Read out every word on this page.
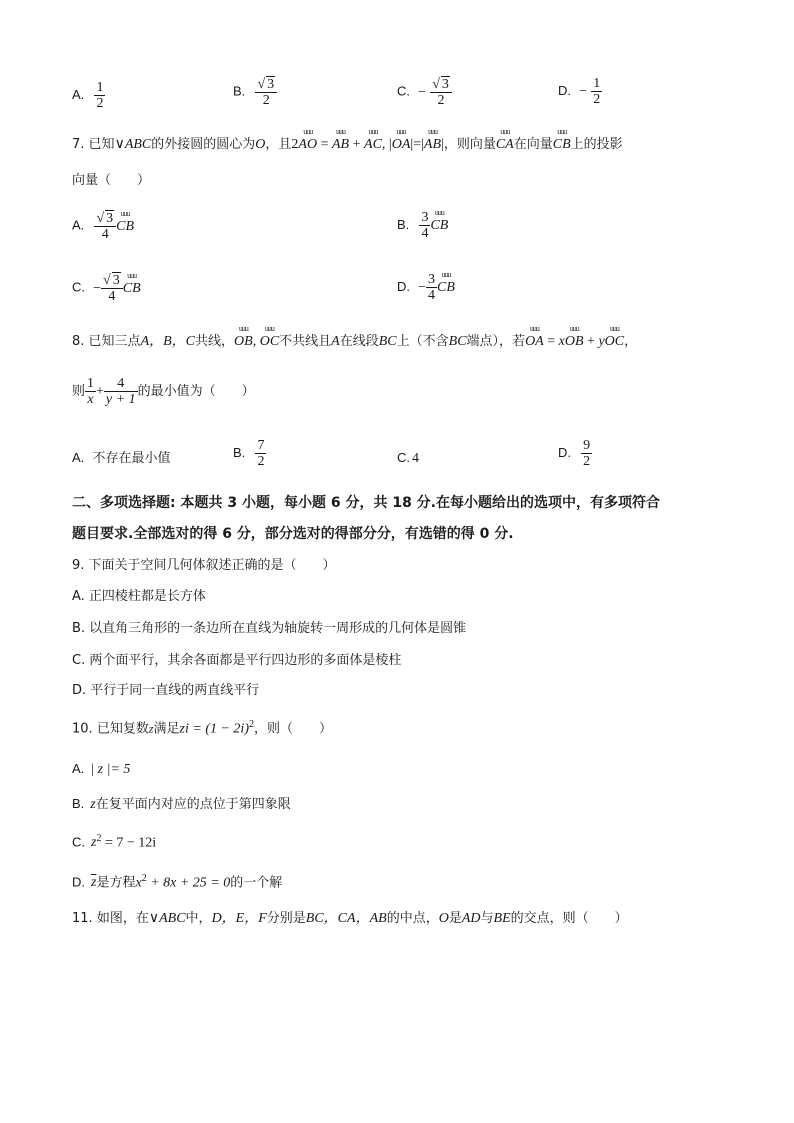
A. $\frac{1}{2}$	B. $\frac{√ 3}{2}$	C. − $\frac{√ 3}{2}$	D. − $\frac{1}{2}$
7. 已知∨ABC的外接圆的圆心为O，且2uuu AO = uuu AB + uuu AC, |uuu OA|=|uuu AB|，则向量uuu CA在向量uuu CB上的投影
向量（　　）
A. $\frac{√ 3}{4}$ uuu CB	B. $\frac{3}{4}$ uuu CB
C. − $\frac{√ 3}{4}$ uuu CB	D. − $\frac{3}{4}$ uuu CB
8. 已知三点A，B，C共线，uuu OB, uuu OC不共线且A在线段BC上（不含BC端点），若uuu OA = xuuu OB + yuuu OC，
则 $\frac{1}{x} + \frac{4}{y + 1}$ 的最小值为（　　）
A. 不存在最小值	B. $\frac{7}{2}$	C. 4	D. $\frac{9}{2}$
二、多项选择题: 本题共 3 小题，每小题 6 分，共 18 分.在每小题给出的选项中，有多项符合
题目要求.全部选对的得 6 分，部分选对的得部分分，有选错的得 0 分.
9. 下面关于空间几何体叙述正确的是（　　）
A. 正四棱柱都是长方体
B. 以直角三角形的一条边所在直线为轴旋转一周形成的几何体是圆锥
C. 两个面平行，其余各面都是平行四边形的多面体是棱柱
D. 平行于同一直线的两直线平行
10. 已知复数z满足zi = $(1 - 2i)^2$，则（　　）
A. | z |= 5
B. z在复平面内对应的点位于第四象限
C. $z^2 = 7 - 12i$
D. $\overline{z}$是方程$x^2 + 8x + 25 = 0$的一个解
11. 如图，在∨ABC中，D，E，F分别是BC，CA，AB的中点，O是AD与BE的交点，则（　　）
